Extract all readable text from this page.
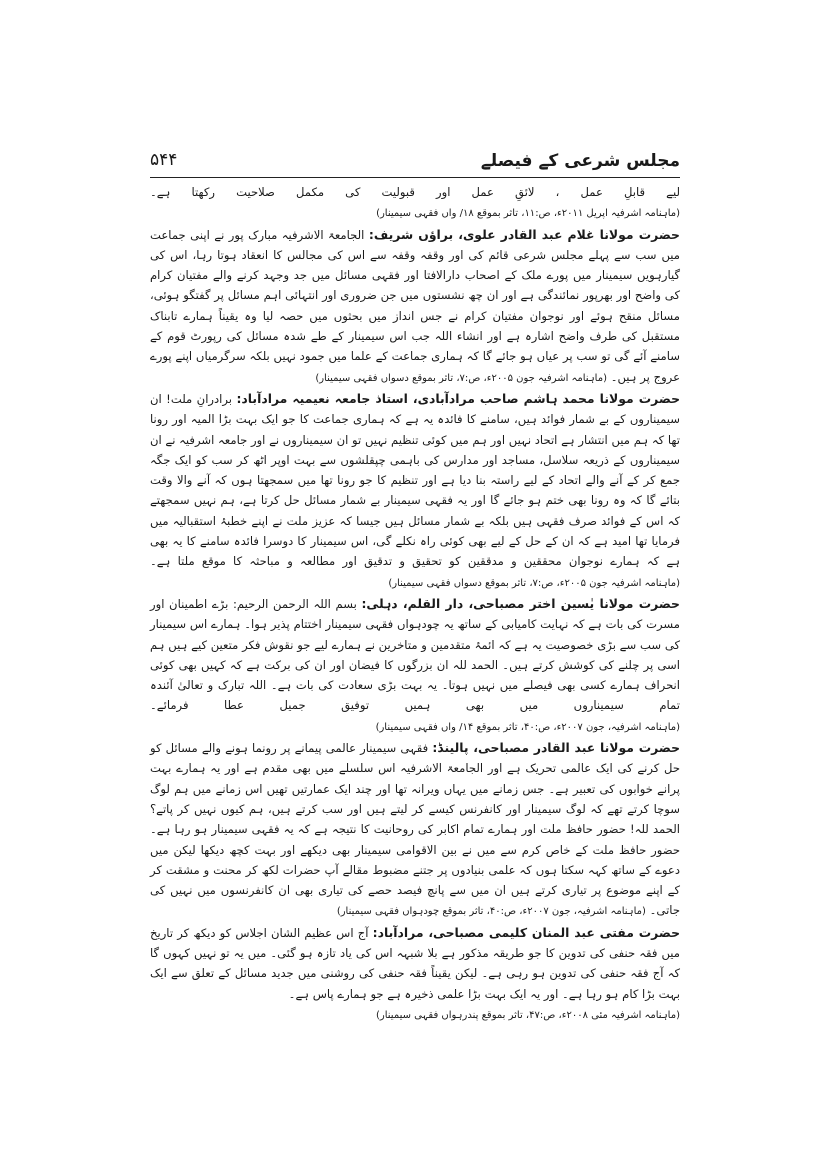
مجلس شرعی کے فیصلے
۵۴۴

لیے قابلِ عمل ، لائقِ عمل اور قبولیت کی مکمل صلاحیت رکھتا ہے۔ (ماہنامہ اشرفیہ اپریل ۲۰۱۱ء، ص:۱۱، تاثر بموقع ۱۸/ واں فقہی سیمینار)

حضرت مولانا غلام عبد القادر علوی، براؤں شریف: الجامعۃ الاشرفیہ مبارک پور نے اپنی جماعت میں سب سے پہلے مجلس شرعی قائم کی اور وقفہ وقفہ سے اس کی مجالس کا انعقاد ہوتا رہا، اس کی گیارہویں سیمینار میں پورے ملک کے اصحاب دارالافتا اور فقہی مسائل میں جد وجہد کرنے والے مفتیان کرام کی واضح اور بھرپور نمائندگی ہے اور ان چھ نشستوں میں جن ضروری اور انتہائی اہم مسائل پر گفتگو ہوئی، مسائل منقح ہوئے اور نوجوان مفتیان کرام نے جس انداز میں بحثوں میں حصہ لیا وہ یقیناً ہمارے تابناک مستقبل کی طرف واضح اشارہ ہے اور انشاء اللہ جب اس سیمینار کے طے شدہ مسائل کی رپورٹ قوم کے سامنے آئے گی تو سب پر عیاں ہو جائے گا کہ ہماری جماعت کے علما میں جمود نہیں بلکہ سرگرمیاں اپنے پورے عروج پر ہیں۔ (ماہنامہ اشرفیہ جون ۲۰۰۵ء، ص:۷، تاثر بموقع دسواں فقہی سیمینار)

حضرت مولانا محمد ہاشم صاحب مرادآبادی، استاذ جامعہ نعیمیہ مرادآباد: برادرانِ ملت! ان سیمیناروں کے بے شمار فوائد ہیں، سامنے کا فائدہ یہ ہے کہ ہماری جماعت کا جو ایک بہت بڑا المیہ اور رونا تھا کہ ہم میں انتشار ہے اتحاد نہیں اور ہم میں کوئی تنظیم نہیں تو ان سیمیناروں نے اور جامعہ اشرفیہ نے ان سیمیناروں کے ذریعہ سلاسل، مساجد اور مدارس کی باہمی چپقلشوں سے بہت اوپر اٹھ کر سب کو ایک جگہ جمع کر کے آنے والے اتحاد کے لیے راستہ بنا دیا ہے اور تنظیم کا جو رونا تھا میں سمجھتا ہوں کہ آنے والا وقت بتائے گا کہ وہ رونا بھی ختم ہو جائے گا اور یہ فقہی سیمینار بے شمار مسائل حل کرتا ہے، ہم نہیں سمجھتے کہ اس کے فوائد صرف فقہی ہیں بلکہ بے شمار مسائل ہیں جیسا کہ عزیز ملت نے اپنے خطبۂ استقبالیہ میں فرمایا تھا امید ہے کہ ان کے حل کے لیے بھی کوئی راہ نکلے گی، اس سیمینار کا دوسرا فائدہ سامنے کا یہ بھی ہے کہ ہمارے نوجوان محققین و مدققین کو تحقیق و تدقیق اور مطالعہ و مباحثہ کا موقع ملتا ہے۔ (ماہنامہ اشرفیہ جون ۲۰۰۵ء، ص:۷، تاثر بموقع دسواں فقہی سیمینار)

حضرت مولانا یٰسین اختر مصباحی، دار القلم، دہلی: بسم اللہ الرحمن الرحیم: بڑے اطمینان اور مسرت کی بات ہے کہ نہایت کامیابی کے ساتھ یہ چودہواں فقہی سیمینار اختتام پذیر ہوا۔ ہمارے اس سیمینار کی سب سے بڑی خصوصیت یہ ہے کہ ائمۂ متقدمین و متاخرین نے ہمارے لیے جو نقوش فکر متعین کیے ہیں ہم اسی پر چلنے کی کوشش کرتے ہیں۔ الحمد للہ ان بزرگوں کا فیضان اور ان کی برکت ہے کہ کہیں بھی کوئی انحراف ہمارے کسی بھی فیصلے میں نہیں ہوتا۔ یہ بہت بڑی سعادت کی بات ہے۔ اللہ تبارک و تعالیٰ آئندہ تمام سیمیناروں میں بھی ہمیں توفیق جمیل عطا فرمائے۔ (ماہنامہ اشرفیہ، جون ۲۰۰۷ء، ص:۴۰، تاثر بموقع ۱۴/ واں فقہی سیمینار)

حضرت مولانا عبد القادر مصباحی، پالینڈ: فقہی سیمینار عالمی پیمانے پر رونما ہونے والے مسائل کو حل کرنے کی ایک عالمی تحریک ہے اور الجامعۃ الاشرفیہ اس سلسلے میں بھی مقدم ہے اور یہ ہمارے بہت پرانے خوابوں کی تعبیر ہے۔ جس زمانے میں یہاں ویرانہ تھا اور چند ایک عمارتیں تھیں اس زمانے میں ہم لوگ سوچا کرتے تھے کہ لوگ سیمینار اور کانفرنس کیسے کر لیتے ہیں اور سب کرتے ہیں، ہم کیوں نہیں کر پاتے؟ الحمد للہ! حضور حافظ ملت اور ہمارے تمام اکابر کی روحانیت کا نتیجہ ہے کہ یہ فقہی سیمینار ہو رہا ہے۔ حضور حافظ ملت کے خاص کرم سے میں نے بین الاقوامی سیمینار بھی دیکھے اور بہت کچھ دیکھا لیکن میں دعوے کے ساتھ کہہ سکتا ہوں کہ علمی بنیادوں پر جتنے مضبوط مقالے آپ حضرات لکھ کر محنت و مشقت کر کے اپنے موضوع پر تیاری کرتے ہیں ان میں سے پانچ فیصد حصے کی تیاری بھی ان کانفرنسوں میں نہیں کی جاتی۔ (ماہنامہ اشرفیہ، جون ۲۰۰۷ء، ص:۴۰، تاثر بموقع چودہواں فقہی سیمینار)

حضرت مفتی عبد المنان کلیمی مصباحی، مرادآباد: آج اس عظیم الشان اجلاس کو دیکھ کر تاریخ میں فقہ حنفی کی تدوین کا جو طریقہ مذکور ہے بلا شبہہ اس کی یاد تازہ ہو گئی۔ میں یہ تو نہیں کہوں گا کہ آج فقہ حنفی کی تدوین ہو رہی ہے۔ لیکن یقیناً فقہ حنفی کی روشنی میں جدید مسائل کے تعلق سے ایک بہت بڑا کام ہو رہا ہے۔ اور یہ ایک بہت بڑا علمی ذخیرہ ہے جو ہمارے پاس ہے۔

(ماہنامہ اشرفیہ مئی ۲۰۰۸ء، ص:۴۷، تاثر بموقع پندرہواں فقہی سیمینار)
